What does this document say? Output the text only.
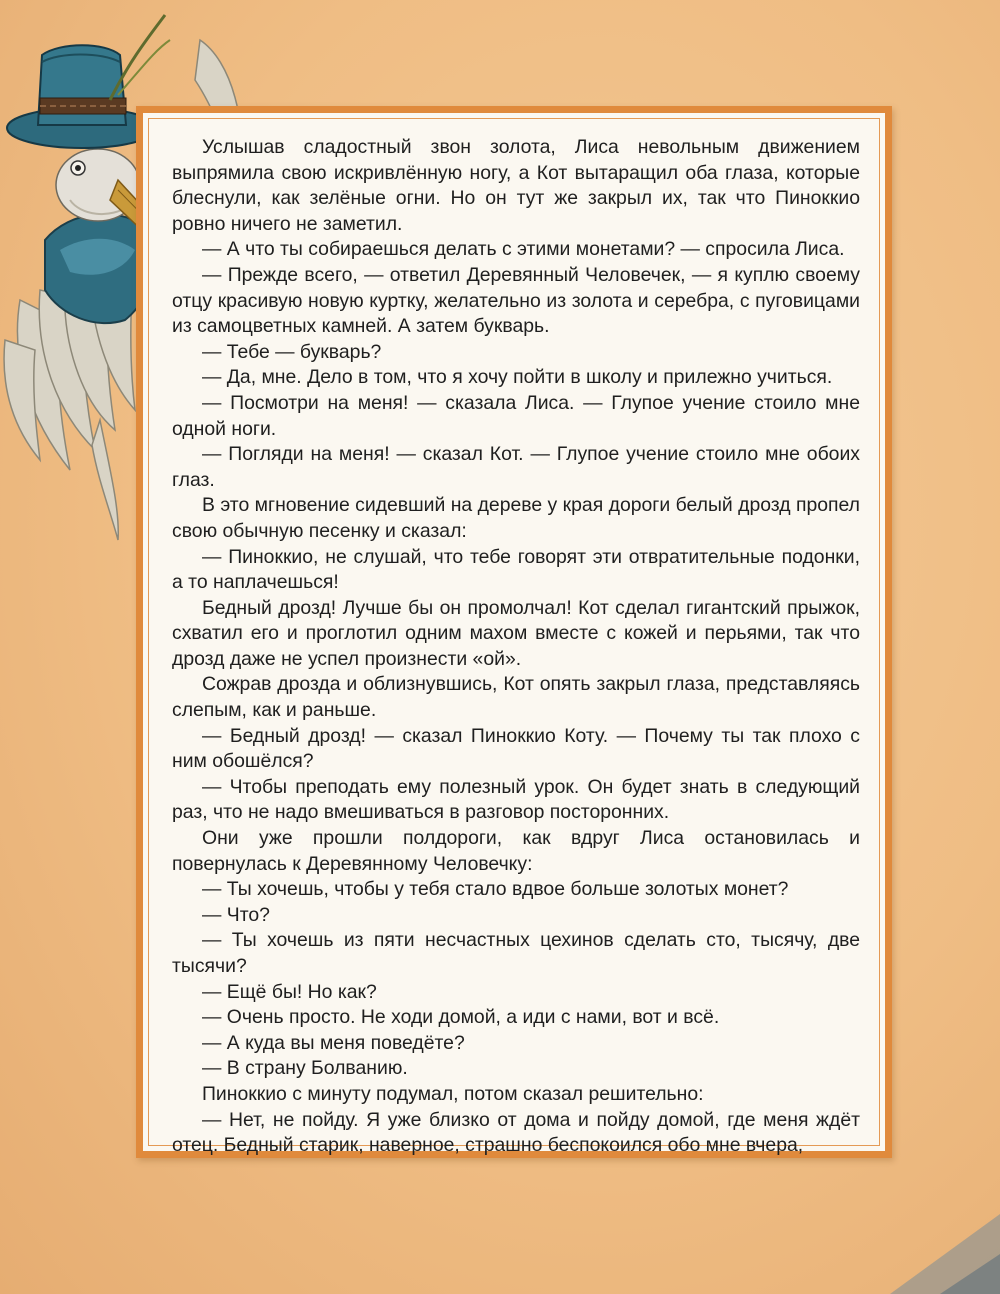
Услышав сладостный звон золота, Лиса невольным движением выпрямила свою искривлённую ногу, а Кот вытаращил оба глаза, которые блеснули, как зелёные огни. Но он тут же закрыл их, так что Пиноккио ровно ничего не заметил.

— А что ты собираешься делать с этими монетами? — спросила Лиса.

— Прежде всего, — ответил Деревянный Человечек, — я куплю своему отцу красивую новую куртку, желательно из золота и серебра, с пуговицами из самоцветных камней. А затем букварь.

— Тебе — букварь?

— Да, мне. Дело в том, что я хочу пойти в школу и прилежно учиться.

— Посмотри на меня! — сказала Лиса. — Глупое учение стоило мне одной ноги.

— Погляди на меня! — сказал Кот. — Глупое учение стоило мне обоих глаз.

В это мгновение сидевший на дереве у края дороги белый дрозд пропел свою обычную песенку и сказал:

— Пиноккио, не слушай, что тебе говорят эти отвратительные подонки, а то наплачешься!

Бедный дрозд! Лучше бы он промолчал! Кот сделал гигантский прыжок, схватил его и проглотил одним махом вместе с кожей и перьями, так что дрозд даже не успел произнести «ой».

Сожрав дрозда и облизнувшись, Кот опять закрыл глаза, представляясь слепым, как и раньше.

— Бедный дрозд! — сказал Пиноккио Коту. — Почему ты так плохо с ним обошёлся?

— Чтобы преподать ему полезный урок. Он будет знать в следующий раз, что не надо вмешиваться в разговор посторонних.

Они уже прошли полдороги, как вдруг Лиса остановилась и повернулась к Деревянному Человечку:

— Ты хочешь, чтобы у тебя стало вдвое больше золотых монет?

— Что?

— Ты хочешь из пяти несчастных цехинов сделать сто, тысячу, две тысячи?

— Ещё бы! Но как?

— Очень просто. Не ходи домой, а иди с нами, вот и всё.

— А куда вы меня поведёте?

— В страну Болванию.

Пиноккио с минуту подумал, потом сказал решительно:

— Нет, не пойду. Я уже близко от дома и пойду домой, где меня ждёт отец. Бедный старик, наверное, страшно беспокоился обо мне вчера,
